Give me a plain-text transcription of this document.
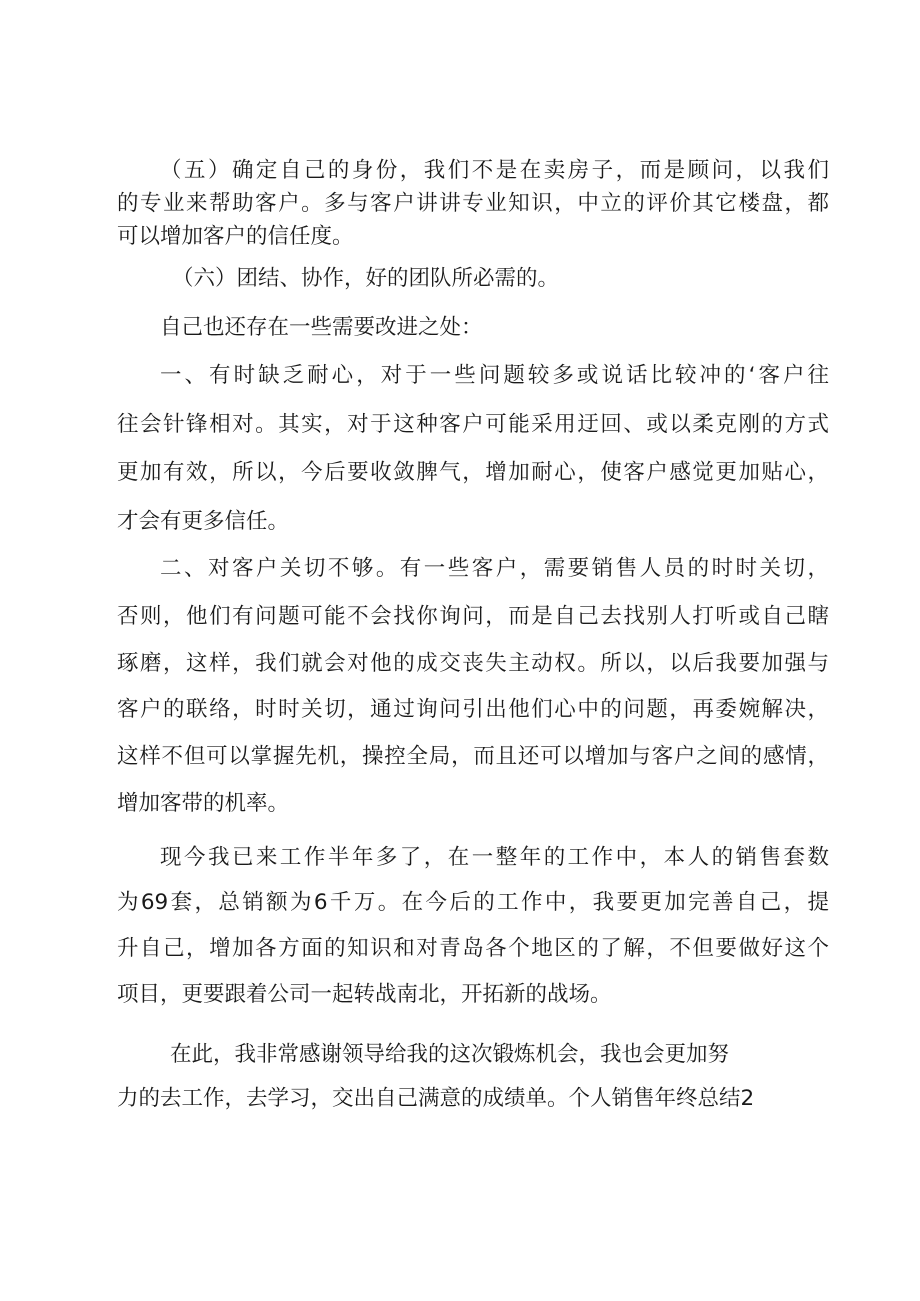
（五）确定自己的身份，我们不是在卖房子，而是顾问，以我们
的专业来帮助客户。多与客户讲讲专业知识，中立的评价其它楼盘，都
可以增加客户的信任度。
（六）团结、协作，好的团队所必需的。
自己也还存在一些需要改进之处：
一、有时缺乏耐心，对于一些问题较多或说话比较冲的‘客户往
往会针锋相对。其实，对于这种客户可能采用迂回、或以柔克刚的方式
更加有效，所以，今后要收敛脾气，增加耐心，使客户感觉更加贴心，
才会有更多信任。
二、对客户关切不够。有一些客户，需要销售人员的时时关切，
否则，他们有问题可能不会找你询问，而是自己去找别人打听或自己瞎
琢磨，这样，我们就会对他的成交丧失主动权。所以，以后我要加强与
客户的联络，时时关切，通过询问引出他们心中的问题，再委婉解决，
这样不但可以掌握先机，操控全局，而且还可以增加与客户之间的感情，
增加客带的机率。
现今我已来工作半年多了，在一整年的工作中，本人的销售套数
为69套，总销额为6千万。在今后的工作中，我要更加完善自己，提
升自己，增加各方面的知识和对青岛各个地区的了解，不但要做好这个
项目，更要跟着公司一起转战南北，开拓新的战场。
在此，我非常感谢领导给我的这次锻炼机会，我也会更加努
力的去工作，去学习，交出自己满意的成绩单。个人销售年终总结2
